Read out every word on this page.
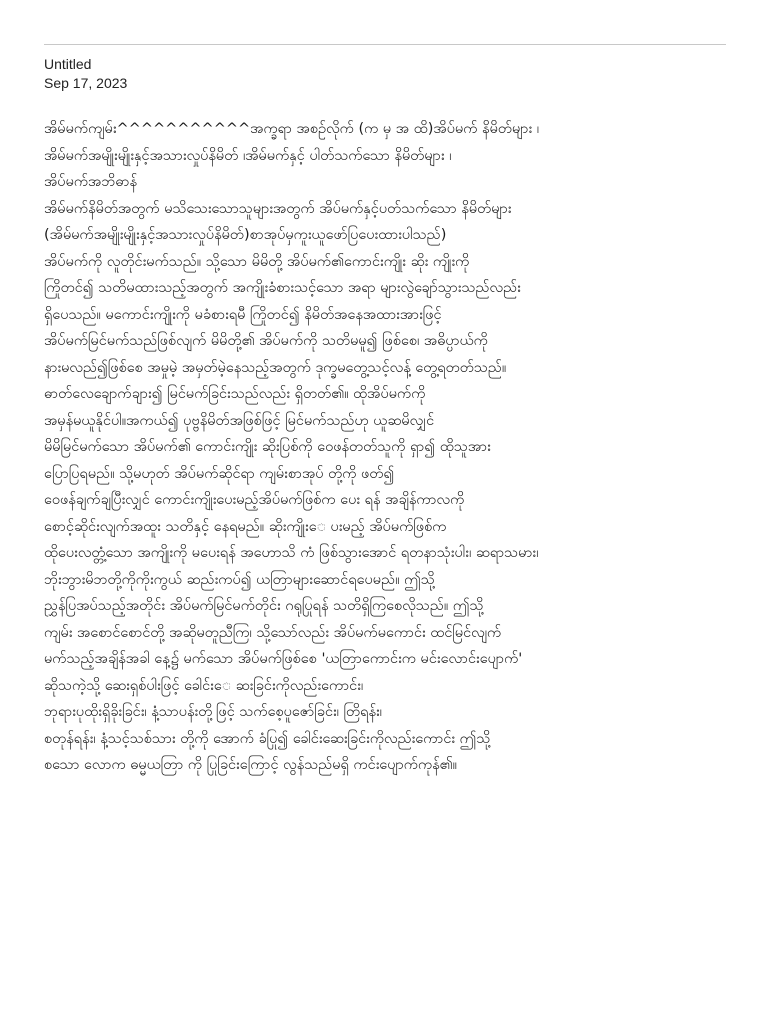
Untitled

Sep 17, 2023

အိမ်မက်ကျမ်း^^^^^^^^^^^အက္ခရာ အစဉ်လိုက် (က မှ အ ထိ)အိပ်မက် နိမိတ်များ ၊

အိမ်မက်အမျိုးမျိုးနှင့်အသားလှုပ်နိမိတ် ၊အိမ်မက်နှင့် ပါတ်သက်သော နိမိတ်များ ၊

အိပ်မက်အဘိဓာန်

အိမ်မက်နိမိတ်အတွက် မသိသေးသောသူများအတွက် အိပ်မက်နှင့်ပတ်သက်သော နိမိတ်များ

(အိမ်မက်အမျိုးမျိုးနှင့်အသားလှုပ်နိမိတ်)စာအုပ်မှကူးယူဖော်ပြပေးထားပါသည်)

အိပ်မက်ကို လူတိုင်းမက်သည်။ သို့သော မိမိတို့ အိပ်မက်၏ကောင်းကျိုး ဆိုး ကျိုးကို

ကြိုတင်၍ သတိမထားသည့်အတွက် အကျိုးခံစားသင့်သော အရာ များလွဲချော်သွားသည်လည်း

ရှိပေသည်။ မကောင်းကျိုးကို မခံစားရမီ ကြိုတင်၍ နိမိတ်အနေအထားအားဖြင့်

အိပ်မက်မြင်မက်သည်ဖြစ်လျက် မိမိတို့၏ အိပ်မက်ကို သတိမမူ၍ ဖြစ်စေ၊ အဓိပ္ပာယ်ကို

နားမလည်၍ဖြစ်စေ အမှုမဲ့ အမှတ်မဲ့နေသည့်အတွက် ဒုက္ခမတွေ့သင့်လန့် တွေ့ရတတ်သည်။

ဓာတ်လေချောက်ချား၍ မြင်မက်ခြင်းသည်လည်း ရှိတတ်၏။ ထိုအိပ်မက်ကို

အမှန်မယူနိုင်ပါ။အကယ်၍ ပုဗ္ဗနိမိတ်အဖြစ်ဖြင့် မြင်မက်သည်ဟု ယူဆမိလျှင်

မိမိမြင်မက်သော အိပ်မက်၏ ကောင်းကျိုး ဆိုးပြစ်ကို ဝေဖန်တတ်သူကို ရှာ၍ ထိုသူအား

ပြောပြရမည်။ သို့မဟုတ် အိပ်မက်ဆိုင်ရာ ကျမ်းစာအုပ် တို့ကို ဖတ်၍

ဝေဖန်ချက်ချပြီးလျှင် ကောင်းကျိုးပေးမည့်အိပ်မက်ဖြစ်က ပေး ရန် အချိန်ကာလကို

စောင့်ဆိုင်းလျက်အထူး သတိနှင့် နေရမည်။ ဆိုးကျိုးေ ပးမည့် အိပ်မက်ဖြစ်က

ထိုပေးလတ္တံ့သော အကျိုးကို မပေးရန် အဟောသိ ကံ ဖြစ်သွားအောင် ရတနာသုံးပါး၊ ဆရာသမား၊

ဘိုးဘွားမိဘတို့ကိုကိုးကွယ် ဆည်းကပ်၍ ယတြာများဆောင်ရပေမည်။ ဤသို့

ညွှန်ပြအပ်သည့်အတိုင်း အိပ်မက်မြင်မက်တိုင်း ဂရုပြုရန် သတိရှိကြစေလိုသည်။ ဤသို့

ကျမ်း အစောင်စောင်တို့ အဆိုမတူညီကြ၊ သို့သော်လည်း အိပ်မက်မကောင်း ထင်မြင်လျက်

မက်သည့်အချိန်အခါ နေ့၌ မက်သော အိပ်မက်ဖြစ်စေ 'ယတြာကောင်းက မင်းလောင်းပျောက်'

ဆိုသကဲ့သို့ ဆေးရှစ်ပါးဖြင့် ခေါင်းေ ဆးခြင်းကိုလည်းကောင်း၊

ဘုရားပုထိုးရှိခိုးခြင်း၊ နံ့သာပန်းတို့ဖြင့် သက်စေ့ပူဇော်ခြင်း၊ တြိရန်း၊

စတုန်ရန်း၊ နံ့သင့်သစ်သား တို့ကို အောက် ခံပြု၍ ခေါင်းဆေးခြင်းကိုလည်းကောင်း ဤသို့

စသော လောက ဓမ္မယတြာ ကို ပြုခြင်းကြောင့် လွန်သည်မရှိ ကင်းပျောက်ကုန်၏။
